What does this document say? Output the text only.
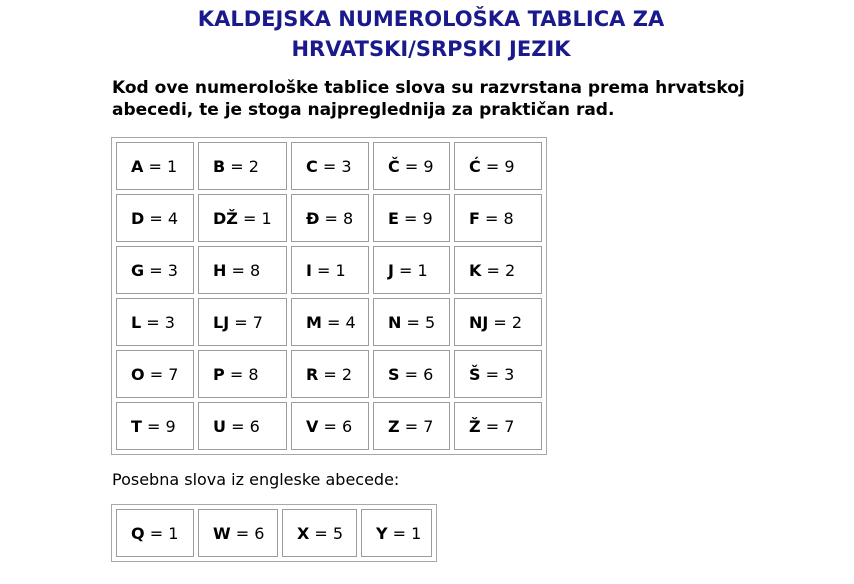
KALDEJSKA NUMEROLOŠKA TABLICA ZA
HRVATSKI/SRPSKI JEZIK

Kod ove numerološke tablice slova su razvrstana prema hrvatskoj
abecedi, te je stoga najpreglednija za praktičan rad.

A = 1	B = 2	C = 3	Č = 9	Ć = 9
D = 4	DŽ = 1	Đ = 8	E = 9	F = 8
G = 3	H = 8	I = 1	J = 1	K = 2
L = 3	LJ = 7	M = 4	N = 5	NJ = 2
O = 7	P = 8	R = 2	S = 6	Š = 3
T = 9	U = 6	V = 6	Z = 7	Ž = 7

Posebna slova iz engleske abecede:

Q = 1	W = 6	X = 5	Y = 1
